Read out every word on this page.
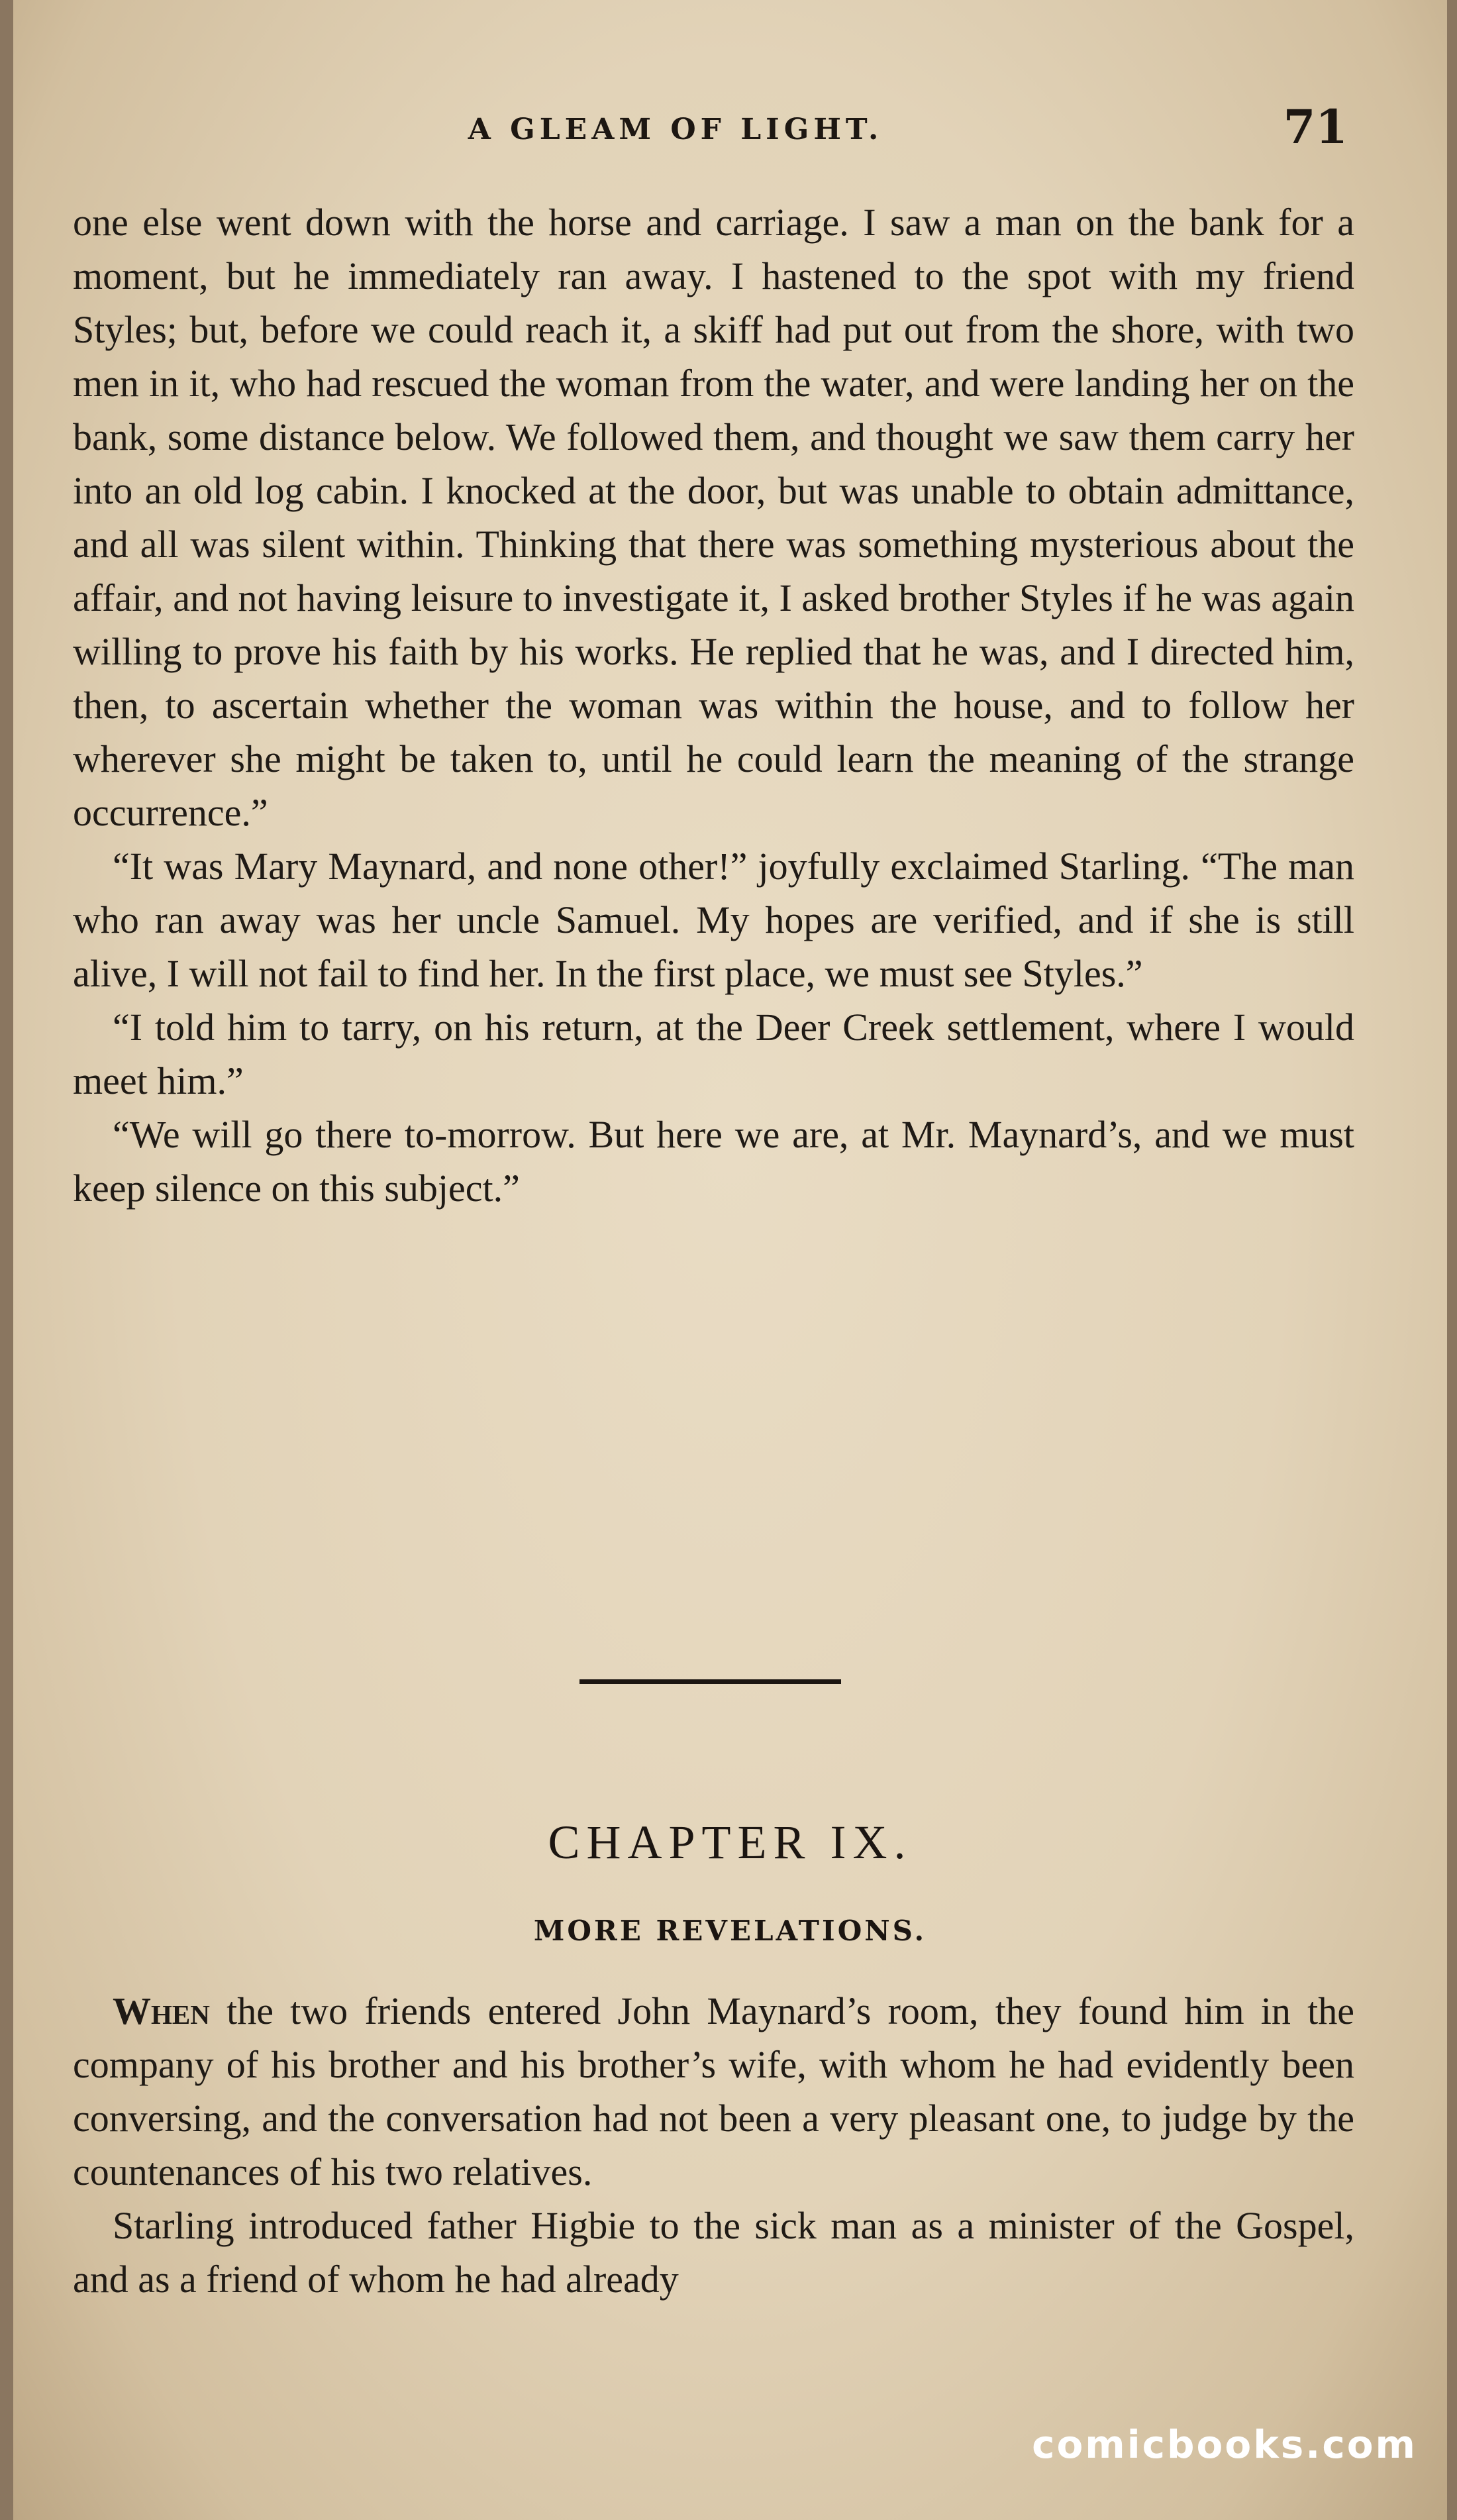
A GLEAM OF LIGHT.	71

one else went down with the horse and carriage. I saw a man on the bank for a moment, but he immediately ran away. I hastened to the spot with my friend Styles; but, before we could reach it, a skiff had put out from the shore, with two men in it, who had rescued the woman from the water, and were landing her on the bank, some distance below. We followed them, and thought we saw them carry her into an old log cabin. I knocked at the door, but was unable to obtain admittance, and all was silent within. Thinking that there was something mysterious about the affair, and not having leisure to investigate it, I asked brother Styles if he was again willing to prove his faith by his works. He replied that he was, and I directed him, then, to ascertain whether the woman was within the house, and to follow her wherever she might be taken to, until he could learn the meaning of the strange occurrence.”

“It was Mary Maynard, and none other!” joyfully exclaimed Starling. “The man who ran away was her uncle Samuel. My hopes are verified, and if she is still alive, I will not fail to find her. In the first place, we must see Styles.”

“I told him to tarry, on his return, at the Deer Creek settlement, where I would meet him.”

“We will go there to-morrow. But here we are, at Mr. Maynard’s, and we must keep silence on this subject.”

CHAPTER IX.
MORE REVELATIONS.

When the two friends entered John Maynard’s room, they found him in the company of his brother and his brother’s wife, with whom he had evidently been conversing, and the conversation had not been a very pleasant one, to judge by the countenances of his two relatives.

Starling introduced father Higbie to the sick man as a minister of the Gospel, and as a friend of whom he had already

comicbooks.com
